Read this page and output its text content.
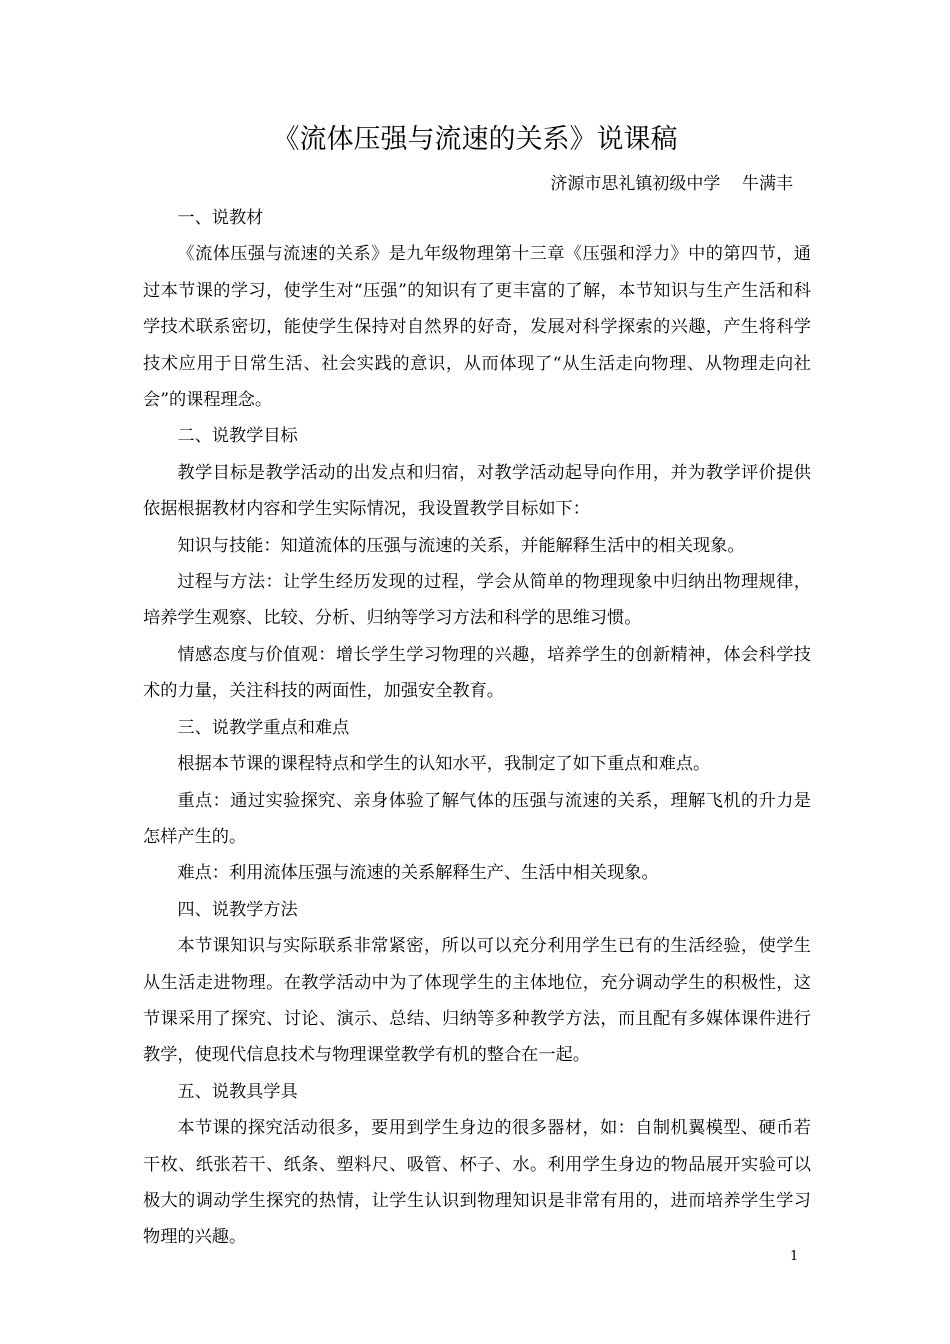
《流体压强与流速的关系》说课稿
济源市思礼镇初级中学    牛满丰

一、说教材

《流体压强与流速的关系》是九年级物理第十三章《压强和浮力》中的第四节，通过本节课的学习，使学生对“压强”的知识有了更丰富的了解，本节知识与生产生活和科学技术联系密切，能使学生保持对自然界的好奇，发展对科学探索的兴趣，产生将科学技术应用于日常生活、社会实践的意识，从而体现了“从生活走向物理、从物理走向社会”的课程理念。

二、说教学目标

教学目标是教学活动的出发点和归宿，对教学活动起导向作用，并为教学评价提供依据根据教材内容和学生实际情况，我设置教学目标如下：

知识与技能：知道流体的压强与流速的关系，并能解释生活中的相关现象。

过程与方法：让学生经历发现的过程，学会从简单的物理现象中归纳出物理规律，培养学生观察、比较、分析、归纳等学习方法和科学的思维习惯。

情感态度与价值观：增长学生学习物理的兴趣，培养学生的创新精神，体会科学技术的力量，关注科技的两面性，加强安全教育。

三、说教学重点和难点

根据本节课的课程特点和学生的认知水平，我制定了如下重点和难点。

重点：通过实验探究、亲身体验了解气体的压强与流速的关系，理解飞机的升力是怎样产生的。

难点：利用流体压强与流速的关系解释生产、生活中相关现象。

四、说教学方法

本节课知识与实际联系非常紧密，所以可以充分利用学生已有的生活经验，使学生从生活走进物理。在教学活动中为了体现学生的主体地位，充分调动学生的积极性，这节课采用了探究、讨论、演示、总结、归纳等多种教学方法，而且配有多媒体课件进行教学，使现代信息技术与物理课堂教学有机的整合在一起。

五、说教具学具

本节课的探究活动很多，要用到学生身边的很多器材，如：自制机翼模型、硬币若干枚、纸张若干、纸条、塑料尺、吸管、杯子、水。利用学生身边的物品展开实验可以极大的调动学生探究的热情，让学生认识到物理知识是非常有用的，进而培养学生学习物理的兴趣。

1
